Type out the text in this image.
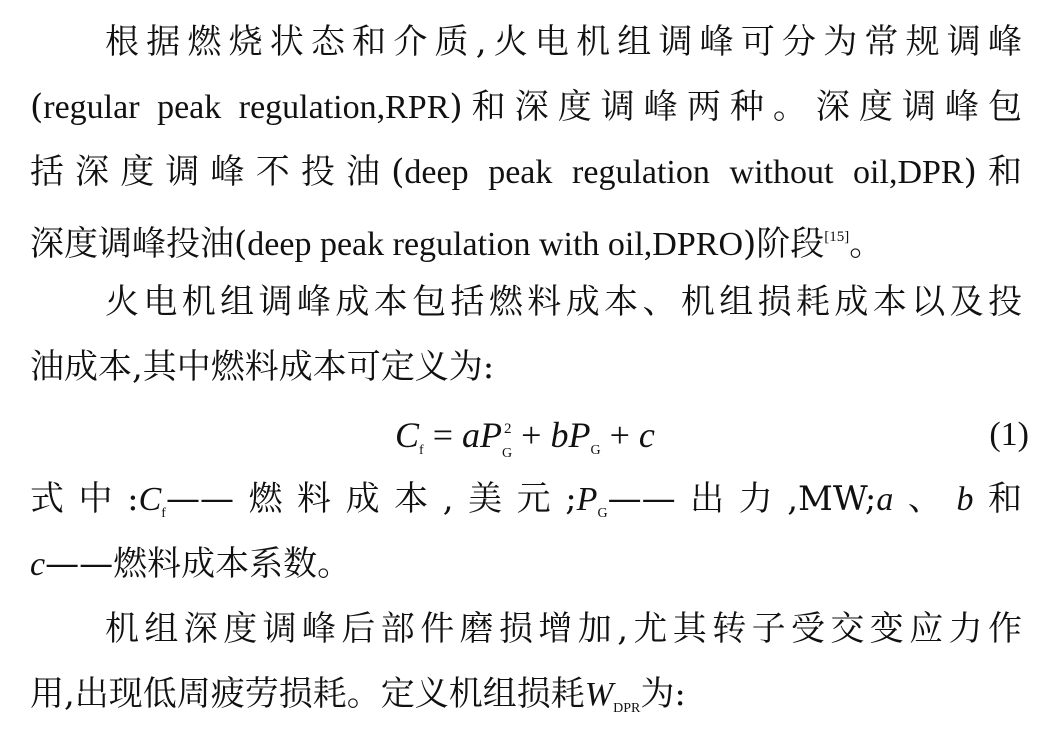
根据燃烧状态和介质,火电机组调峰可分为常规调峰
(regular peak regulation,RPR)和深度调峰两种。深度调峰包
括深度调峰不投油(deep peak regulation without oil,DPR)和
深度调峰投油(deep peak regulation with oil,DPRO)阶段[15]。
火电机组调峰成本包括燃料成本、机组损耗成本以及投
油成本,其中燃料成本可定义为:
$C_f$ = aP 2
$_G + bP_G + c$	(1)
式中$:C_f——$燃料成本,美元$;P_G——$出力,MW;a、b和
c——燃料成本系数。
机组深度调峰后部件磨损增加,尤其转子受交变应力作
用,出现低周疲劳损耗。定义机组损耗$W_{DPR}$为:
